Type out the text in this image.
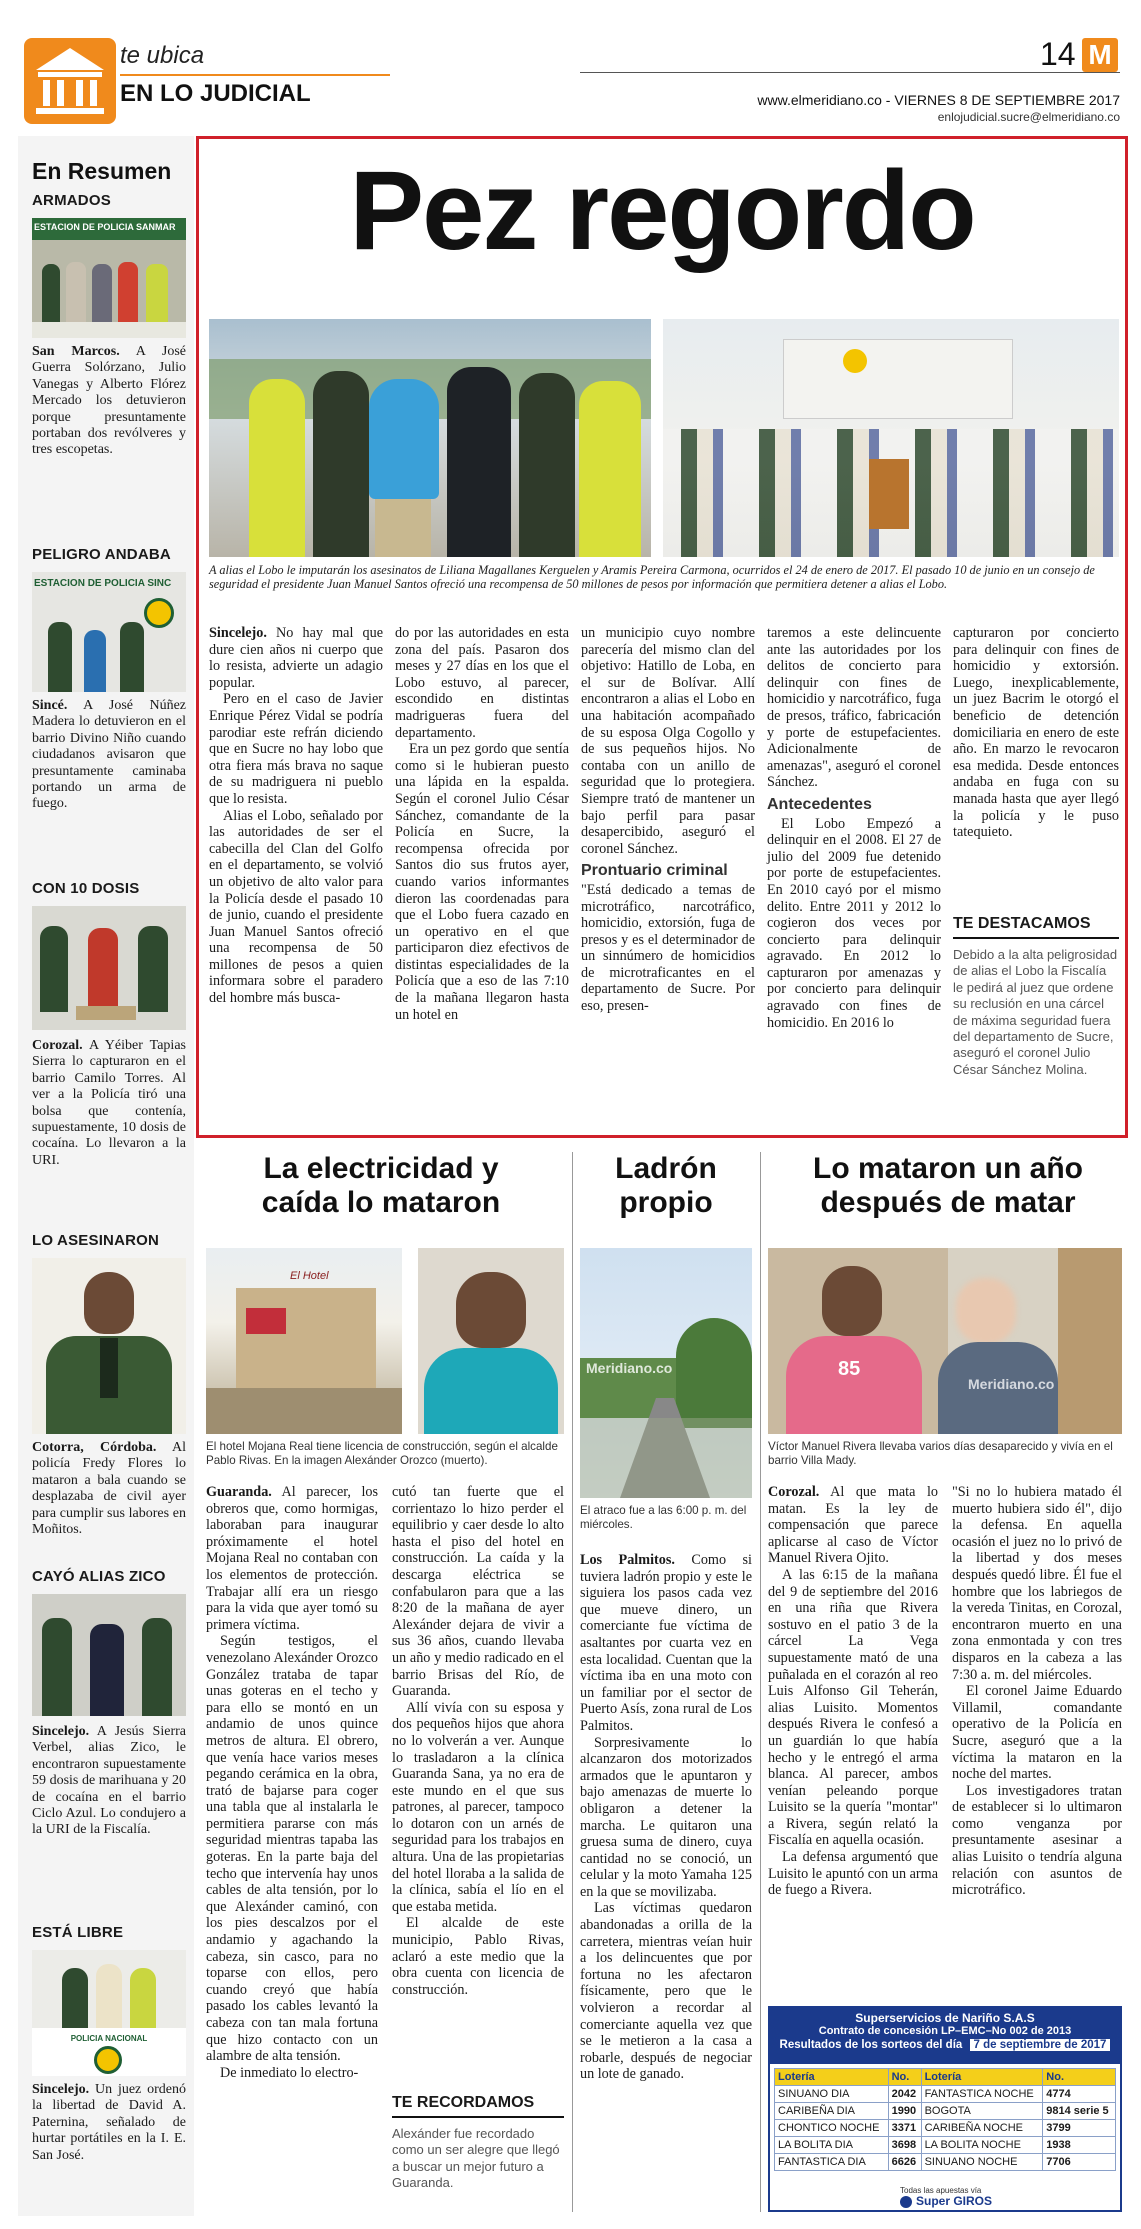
te ubica
EN LO JUDICIAL
14 M
www.elmeridiano.co - VIERNES 8 DE SEPTIEMBRE 2017
enlojudicial.sucre@elmeridiano.co
En Resumen
ARMADOS
ESTACION DE POLICIA SANMAR
San Marcos. A José Guerra Solórzano, Julio Vanegas y Alberto Flórez Mercado los detuvieron porque presuntamente portaban dos revólveres y tres escopetas.
PELIGRO ANDABA
ESTACION DE POLICIA SINC
Sincé. A José Núñez Madera lo detuvieron en el barrio Divino Niño cuando ciudadanos avisaron que presuntamente caminaba portando un arma de fuego.
CON 10 DOSIS
Corozal. A Yéiber Tapias Sierra lo capturaron en el barrio Camilo Torres. Al ver a la Policía tiró una bolsa que contenía, supuestamente, 10 dosis de cocaína. Lo llevaron a la URI.
LO ASESINARON
Cotorra, Córdoba. Al policía Fredy Flores lo mataron a bala cuando se desplazaba de civil ayer para cumplir sus labores en Moñitos.
CAYÓ ALIAS ZICO
Sincelejo. A Jesús Sierra Verbel, alias Zico, le encontraron supuestamente 59 dosis de marihuana y 20 de cocaína en el barrio Ciclo Azul. Lo condujero a la URI de la Fiscalía.
ESTÁ LIBRE
POLICIA NACIONAL
Sincelejo. Un juez ordenó la libertad de David A. Paternina, señalado de hurtar portátiles en la I. E. San José.
Pez regordo
A alias el Lobo le imputarán los asesinatos de Liliana Magallanes Kerguelen y Aramis Pereira Carmona, ocurridos el 24 de enero de 2017. El pasado 10 de junio en un consejo de seguridad el presidente Juan Manuel Santos ofreció una recompensa de 50 millones de pesos por información que permitiera detener a alias el Lobo.

Sincelejo. No hay mal que dure cien años ni cuerpo que lo resista, advierte un adagio popular.

Pero en el caso de Javier Enrique Pérez Vidal se podría parodiar este refrán diciendo que en Sucre no hay lobo que otra fiera más brava no saque de su madriguera ni pueblo que lo resista.

Alias el Lobo, señalado por las autoridades de ser el cabecilla del Clan del Golfo en el departamento, se volvió un objetivo de alto valor para la Policía desde el pasado 10 de junio, cuando el presidente Juan Manuel Santos ofreció una recompensa de 50 millones de pesos a quien informara sobre el paradero del hombre más busca-

do por las autoridades en esta zona del país. Pasaron dos meses y 27 días en los que el Lobo estuvo, al parecer, escondido en distintas madrigueras fuera del departamento.

Era un pez gordo que sentía como si le hubieran puesto una lápida en la espalda. Según el coronel Julio César Sánchez, comandante de la Policía en Sucre, la recompensa ofrecida por Santos dio sus frutos ayer, cuando varios informantes dieron las coordenadas para que el Lobo fuera cazado en un operativo en el que participaron diez efectivos de distintas especialidades de la Policía que a eso de las 7:10 de la mañana llegaron hasta un hotel en

un municipio cuyo nombre parecería del mismo clan del objetivo: Hatillo de Loba, en el sur de Bolívar. Allí encontraron a alias el Lobo en una habitación acompañado de su esposa Olga Cogollo y de sus pequeños hijos. No contaba con un anillo de seguridad que lo protegiera. Siempre trató de mantener un bajo perfil para pasar desapercibido, aseguró el coronel Sánchez.

Prontuario criminal

"Está dedicado a temas de microtráfico, narcotráfico, homicidio, extorsión, fuga de presos y es el determinador de un sinnúmero de homicidios de microtraficantes en el departamento de Sucre. Por eso, presen-

taremos a este delincuente ante las autoridades por los delitos de concierto para delinquir con fines de homicidio y narcotráfico, fuga de presos, tráfico, fabricación y porte de estupefacientes. Adicionalmente de amenazas", aseguró el coronel Sánchez.

Antecedentes

El Lobo Empezó a delinquir en el 2008. El 27 de julio del 2009 fue detenido por porte de estupefacientes. En 2010 cayó por el mismo delito. Entre 2011 y 2012 lo cogieron dos veces por concierto para delinquir agravado. En 2012 lo capturaron por amenazas y por concierto para delinquir agravado con fines de homicidio. En 2016 lo

capturaron por concierto para delinquir con fines de homicidio y extorsión. Luego, inexplicablemente, un juez Bacrim le otorgó el beneficio de detención domiciliaria en enero de este año. En marzo le revocaron esa medida. Desde entonces andaba en fuga con su manada hasta que ayer llegó la policía y le puso tatequieto.

TE DESTACAMOS
Debido a la alta peligrosidad de alias el Lobo la Fiscalía le pedirá al juez que ordene su reclusión en una cárcel de máxima seguridad fuera del departamento de Sucre, aseguró el coronel Julio César Sánchez Molina.
La electricidad y
caída lo mataron
El Hotel
El hotel Mojana Real tiene licencia de construcción, según el alcalde Pablo Rivas. En la imagen Alexánder Orozco (muerto).

Guaranda. Al parecer, los obreros que, como hormigas, laboraban para inaugurar próximamente el hotel Mojana Real no contaban con los elementos de protección. Trabajar allí era un riesgo para la vida que ayer tomó su primera víctima.

Según testigos, el venezolano Alexánder Orozco González trataba de tapar unas goteras en el techo y para ello se montó en un andamio de unos quince metros de altura. El obrero, que venía hace varios meses pegando cerámica en la obra, trató de bajarse para coger una tabla que al instalarla le permitiera pararse con más seguridad mientras tapaba las goteras. En la parte baja del techo que intervenía hay unos cables de alta tensión, por lo que Alexánder caminó, con los pies descalzos por el andamio y agachando la cabeza, sin casco, para no toparse con ellos, pero cuando creyó que había pasado los cables levantó la cabeza con tan mala fortuna que hizo contacto con un alambre de alta tensión.

De inmediato lo electro-

cutó tan fuerte que el corrientazo lo hizo perder el equilibrio y caer desde lo alto hasta el piso del hotel en construcción. La caída y la descarga eléctrica se confabularon para que a las 8:20 de la mañana de ayer Alexánder dejara de vivir a sus 36 años, cuando llevaba un año y medio radicado en el barrio Brisas del Río, de Guaranda.

Allí vivía con su esposa y dos pequeños hijos que ahora no lo volverán a ver. Aunque lo trasladaron a la clínica Guaranda Sana, ya no era de este mundo en el que sus patrones, al parecer, tampoco lo dotaron con un arnés de seguridad para los trabajos en altura. Una de las propietarias del hotel lloraba a la salida de la clínica, sabía el lío en el que estaba metida.

El alcalde de este municipio, Pablo Rivas, aclaró a este medio que la obra cuenta con licencia de construcción.

TE RECORDAMOS
Alexánder fue recordado como un ser alegre que llegó a buscar un mejor futuro a Guaranda.
Ladrón
propio
Meridiano.co
El atraco fue a las 6:00 p. m. del miércoles.

Los Palmitos. Como si tuviera ladrón propio y este le siguiera los pasos cada vez que mueve dinero, un comerciante fue víctima de asaltantes por cuarta vez en esta localidad. Cuentan que la víctima iba en una moto con un familiar por el sector de Puerto Asís, zona rural de Los Palmitos.

Sorpresivamente lo alcanzaron dos motorizados armados que le apuntaron y bajo amenazas de muerte lo obligaron a detener la marcha. Le quitaron una gruesa suma de dinero, cuya cantidad no se conoció, un celular y la moto Yamaha 125 en la que se movilizaba.

Las víctimas quedaron abandonadas a orilla de la carretera, mientras veían huir a los delincuentes que por fortuna no les afectaron físicamente, pero que le volvieron a recordar al comerciante aquella vez que se le metieron a la casa a robarle, después de negociar un lote de ganado.

Lo mataron un año
después de matar
85
Meridiano.co
Víctor Manuel Rivera llevaba varios días desaparecido y vivía en el barrio Villa Mady.

Corozal. Al que mata lo matan. Es la ley de compensación que parece aplicarse al caso de Víctor Manuel Rivera Ojito.

A las 6:15 de la mañana del 9 de septiembre del 2016 en una riña que Rivera sostuvo en el patio 3 de la cárcel La Vega supuestamente mató de una puñalada en el corazón al reo Luis Alfonso Gil Teherán, alias Luisito. Momentos después Rivera le confesó a un guardián lo que había hecho y le entregó el arma blanca. Al parecer, ambos venían peleando porque Luisito se la quería "montar" a Rivera, según relató la Fiscalía en aquella ocasión.

La defensa argumentó que Luisito le apuntó con un arma de fuego a Rivera.

"Si no lo hubiera matado él muerto hubiera sido él", dijo la defensa. En aquella ocasión el juez no lo privó de la libertad y dos meses después quedó libre. Él fue el hombre que los labriegos de la vereda Tinitas, en Corozal, encontraron muerto en una zona enmontada y con tres disparos en la cabeza a las 7:30 a. m. del miércoles.

El coronel Jaime Eduardo Villamil, comandante operativo de la Policía en Sucre, aseguró que a la víctima la mataron en la noche del martes.

Los investigadores tratan de establecer si lo ultimaron como venganza por presuntamente asesinar a alias Luisito o tendría alguna relación con asuntos de microtráfico.

Superservicios de Nariño S.A.S
Contrato de concesión LP–EMC–No 002 de 2013
Resultados de los sorteos del día 7 de septiembre de 2017
Lotería	No.	Lotería	No.
SINUANO DIA	2042	FANTASTICA NOCHE	4774
CARIBEÑA DIA	1990	BOGOTA	9814 serie 5
CHONTICO NOCHE	3371	CARIBEÑA NOCHE	3799
LA BOLITA DIA	3698	LA BOLITA NOCHE	1938
FANTASTICA DIA	6626	SINUANO NOCHE	7706
Todas las apuestas vía
Super GIROS
